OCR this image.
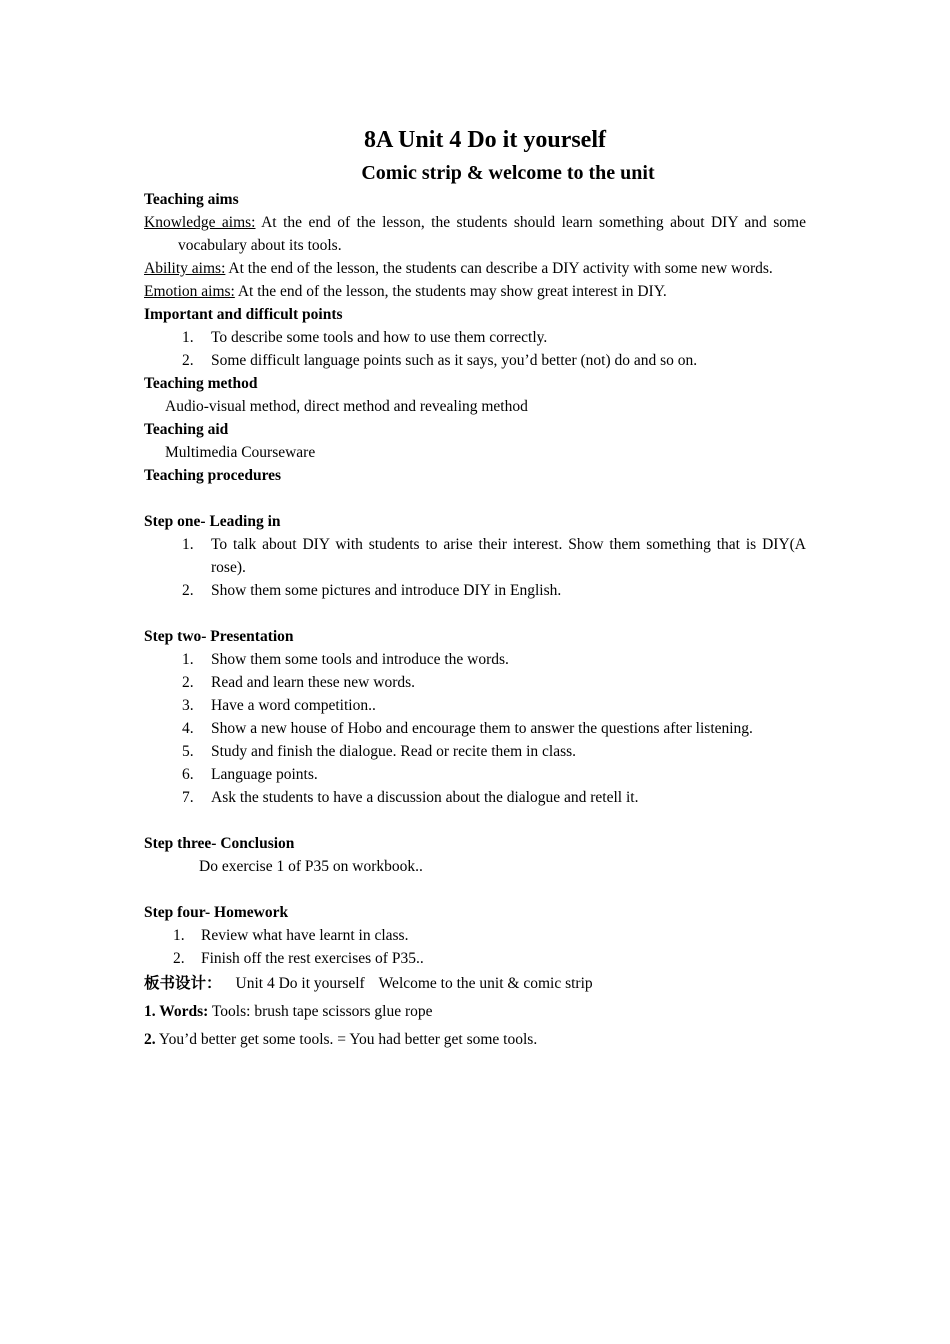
8A Unit 4 Do it yourself
Comic strip & welcome to the unit
Teaching aims
Knowledge aims: At the end of the lesson, the students should learn something about DIY and some vocabulary about its tools.
Ability aims: At the end of the lesson, the students can describe a DIY activity with some new words.
Emotion aims: At the end of the lesson, the students may show great interest in DIY.
Important and difficult points
1. To describe some tools and how to use them correctly.
2. Some difficult language points such as it says, you’d better (not) do and so on.
Teaching method
Audio-visual method, direct method and revealing method
Teaching aid
Multimedia Courseware
Teaching procedures
Step one- Leading in
1. To talk about DIY with students to arise their interest. Show them something that is DIY(A rose).
2. Show them some pictures and introduce DIY in English.
Step two- Presentation
1. Show them some tools and introduce the words.
2. Read and learn these new words.
3. Have a word competition..
4. Show a new house of Hobo and encourage them to answer the questions after listening.
5. Study and finish the dialogue. Read or recite them in class.
6. Language points.
7. Ask the students to have a discussion about the dialogue and retell it.
Step three- Conclusion
Do exercise 1 of P35 on workbook..
Step four- Homework
1. Review what have learnt in class.
2. Finish off the rest exercises of P35..
板书设计： Unit 4 Do it yourself Welcome to the unit & comic strip
1. Words: Tools: brush tape scissors glue rope
2. You’d better get some tools. = You had better get some tools.
